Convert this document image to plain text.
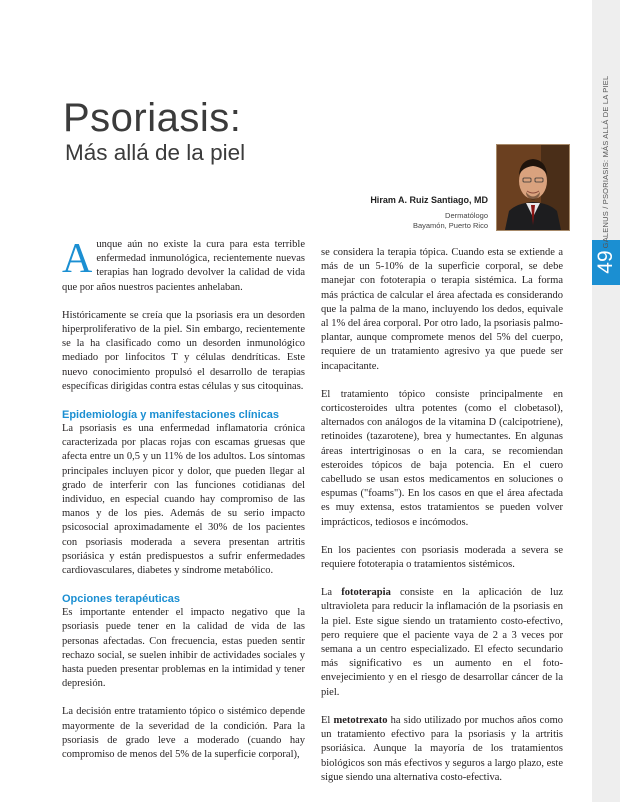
49
GALENUS / PSORIASIS: MÁS ALLÁ DE LA PIEL
Psoriasis:
Más allá de la piel
Hiram A. Ruiz Santiago, MD
Dermatólogo
Bayamón, Puerto Rico

Aunque aún no existe la cura para esta terrible enfermedad inmunológica, recientemente nuevas terapias han logrado devolver la calidad de vida que por años nuestros pacientes anhelaban.

Históricamente se creía que la psoriasis era un desorden hiperproliferativo de la piel. Sin embargo, recientemente se la ha clasificado como un desorden inmunológico mediado por linfocitos T y células dendríticas. Este nuevo conocimiento propulsó el desarrollo de terapias específicas dirigidas contra estas células y sus citoquinas.

Epidemiología y manifestaciones clínicas

La psoriasis es una enfermedad inflamatoria crónica caracterizada por placas rojas con escamas gruesas que afecta entre un 0,5 y un 11% de los adultos. Los síntomas principales incluyen picor y dolor, que pueden llegar al grado de interferir con las funciones cotidianas del individuo, en especial cuando hay compromiso de las manos y de los pies. Además de su serio impacto psicosocial aproximadamente el 30% de los pacientes con psoriasis moderada a severa presentan artritis psoriásica y están predispuestos a sufrir enfermedades cardiovasculares, diabetes y síndrome metabólico.

Opciones terapéuticas

Es importante entender el impacto negativo que la psoriasis puede tener en la calidad de vida de las personas afectadas. Con frecuencia, estas pueden sentir rechazo social, se suelen inhibir de actividades sociales y hasta pueden presentar problemas en la intimidad y tener depresión.

La decisión entre tratamiento tópico o sistémico depende mayormente de la severidad de la condición. Para la psoriasis de grado leve a moderado (cuando hay compromiso de menos del 5% de la superficie corporal),

se considera la terapia tópica. Cuando esta se extiende a más de un 5-10% de la superficie corporal, se debe manejar con fototerapia o terapia sistémica. La forma más práctica de calcular el área afectada es considerando que la palma de la mano, incluyendo los dedos, equivale al 1% del área corporal. Por otro lado, la psoriasis palmo-plantar, aunque compromete menos del 5% del cuerpo, requiere de un tratamiento agresivo ya que puede ser incapacitante.

El tratamiento tópico consiste principalmente en corticosteroides ultra potentes (como el clobetasol), alternados con análogos de la vitamina D (calcipotriene), retinoides (tazarotene), brea y humectantes. En algunas áreas intertriginosas o en la cara, se recomiendan esteroides tópicos de baja potencia. En el cuero cabelludo se usan estos medicamentos en soluciones o espumas ("foams"). En los casos en que el área afectada es muy extensa, estos tratamientos se pueden volver imprácticos, tediosos e incómodos.

En los pacientes con psoriasis moderada a severa se requiere fototerapia o tratamientos sistémicos.

La fototerapia consiste en la aplicación de luz ultravioleta para reducir la inflamación de la psoriasis en la piel. Este sigue siendo un tratamiento costo-efectivo, pero requiere que el paciente vaya de 2 a 3 veces por semana a un centro especializado. El efecto secundario más significativo es un aumento en el foto-envejecimiento y en el riesgo de desarrollar cáncer de la piel.

El metotrexato ha sido utilizado por muchos años como un tratamiento efectivo para la psoriasis y la artritis psoriásica. Aunque la mayoría de los tratamientos biológicos son más efectivos y seguros a largo plazo, este sigue siendo una alternativa costo-efectiva.
